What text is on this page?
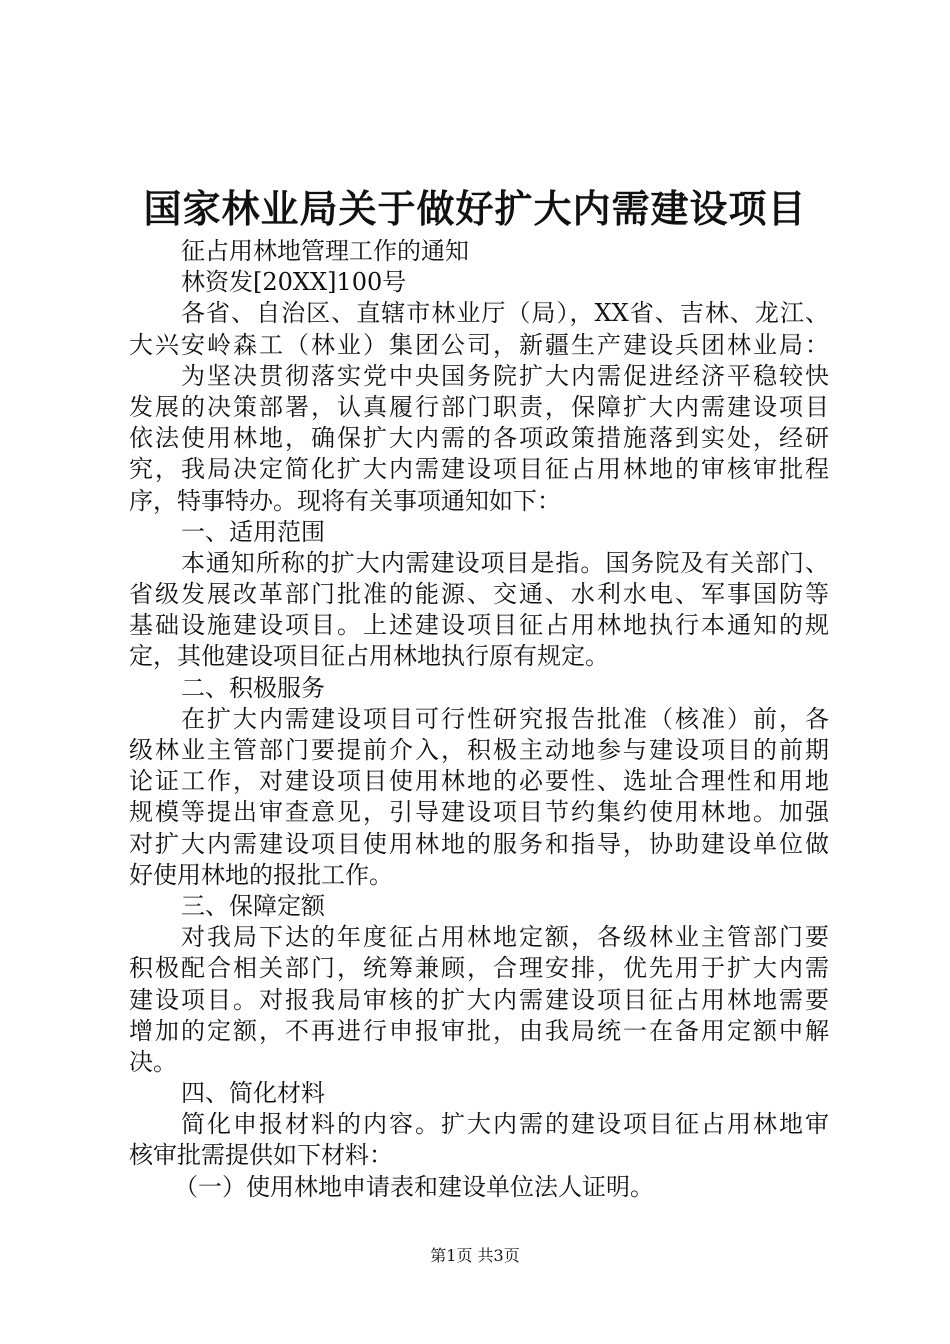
国家林业局关于做好扩大内需建设项目
征占用林地管理工作的通知
林资发[20XX]100号
各省、自治区、直辖市林业厅（局），XX省、吉林、龙江、
大兴安岭森工（林业）集团公司，新疆生产建设兵团林业局：
为坚决贯彻落实党中央国务院扩大内需促进经济平稳较快
发展的决策部署，认真履行部门职责，保障扩大内需建设项目
依法使用林地，确保扩大内需的各项政策措施落到实处，经研
究，我局决定简化扩大内需建设项目征占用林地的审核审批程
序，特事特办。现将有关事项通知如下：
一、适用范围
本通知所称的扩大内需建设项目是指。国务院及有关部门、
省级发展改革部门批准的能源、交通、水利水电、军事国防等
基础设施建设项目。上述建设项目征占用林地执行本通知的规
定，其他建设项目征占用林地执行原有规定。
二、积极服务
在扩大内需建设项目可行性研究报告批准（核准）前，各
级林业主管部门要提前介入，积极主动地参与建设项目的前期
论证工作，对建设项目使用林地的必要性、选址合理性和用地
规模等提出审查意见，引导建设项目节约集约使用林地。加强
对扩大内需建设项目使用林地的服务和指导，协助建设单位做
好使用林地的报批工作。
三、保障定额
对我局下达的年度征占用林地定额，各级林业主管部门要
积极配合相关部门，统筹兼顾，合理安排，优先用于扩大内需
建设项目。对报我局审核的扩大内需建设项目征占用林地需要
增加的定额，不再进行申报审批，由我局统一在备用定额中解
决。
四、简化材料
简化申报材料的内容。扩大内需的建设项目征占用林地审
核审批需提供如下材料：
（一）使用林地申请表和建设单位法人证明。
第1页 共3页
